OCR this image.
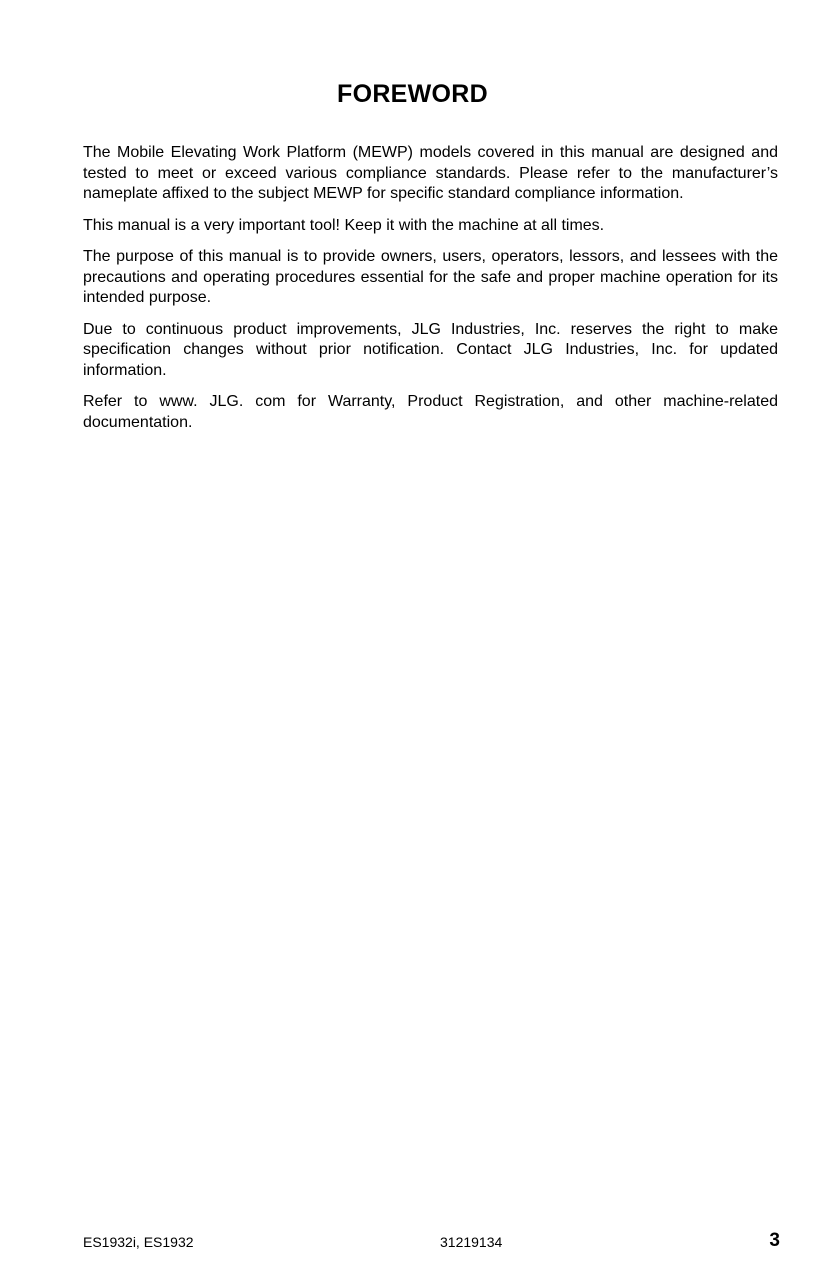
FOREWORD

The Mobile Elevating Work Platform (MEWP) models covered in this manual are designed and tested to meet or exceed various compliance standards. Please refer to the manufacturer’s nameplate affixed to the subject MEWP for specific standard compliance information.

This manual is a very important tool! Keep it with the machine at all times.

The purpose of this manual is to provide owners, users, operators, lessors, and lessees with the precautions and operating procedures essential for the safe and proper machine operation for its intended purpose.

Due to continuous product improvements, JLG Industries, Inc. reserves the right to make specification changes without prior notification. Contact JLG Industries, Inc. for updated information.

Refer to www. JLG. com for Warranty, Product Registration, and other machine-related documentation.

ES1932i, ES1932	31219134	3
